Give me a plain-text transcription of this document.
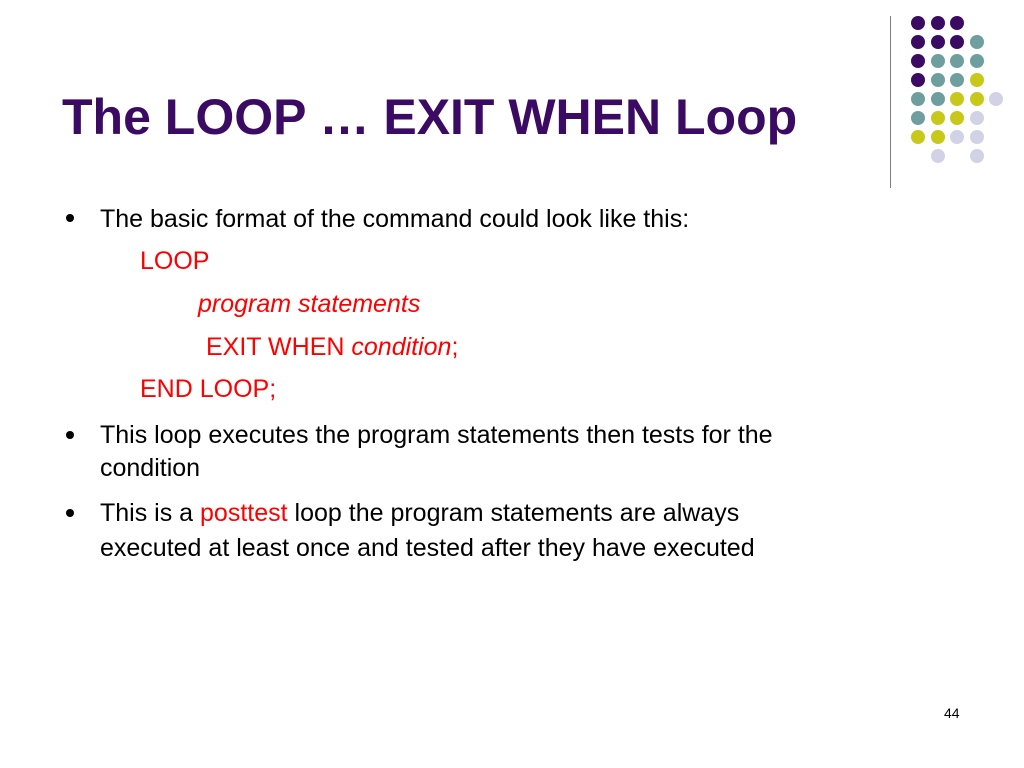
The LOOP … EXIT WHEN Loop
The basic format of the command could look like this:
LOOP
program statements
EXIT WHEN condition;
END LOOP;
This loop executes the program statements then tests for the
condition
This is a posttest loop the program statements are always
executed at least once and tested after they have executed
44
